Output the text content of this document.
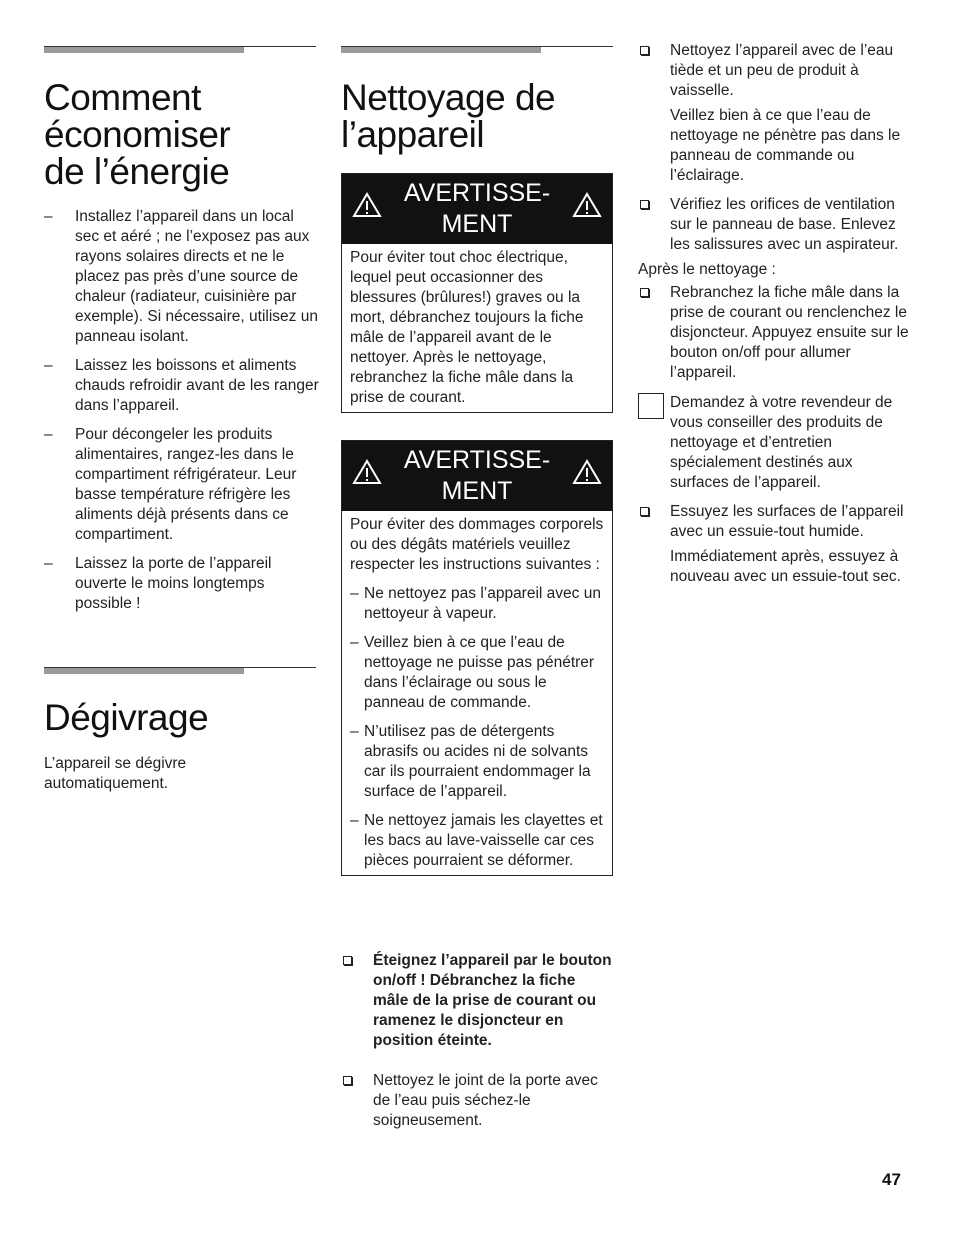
Comment
économiser
de l’énergie
– Installez l’appareil dans un local sec et aéré ; ne l’exposez pas aux rayons solaires directs et ne le placez pas près d’une source de chaleur (radiateur, cuisinière par exemple). Si nécessaire, utilisez un panneau isolant.
– Laissez les boissons et aliments chauds refroidir avant de les ranger dans l’appareil.
– Pour décongeler les produits alimentaires, rangez-les dans le compartiment réfrigérateur. Leur basse température réfrigère les aliments déjà présents dans ce compartiment.
– Laissez la porte de l’appareil ouverte le moins longtemps possible !
Dégivrage
L’appareil se dégivre automatiquement.
Nettoyage de
l’appareil
AVERTISSE-
MENT
Pour éviter tout choc électrique, lequel peut occasionner des blessures (brûlures!) graves ou la mort, débranchez toujours la fiche mâle de l’appareil avant de le nettoyer. Après le nettoyage, rebranchez la fiche mâle dans la prise de courant.
AVERTISSE-
MENT
Pour éviter des dommages corporels ou des dégâts matériels veuillez respecter les instructions suivantes :
– Ne nettoyez pas l’appareil avec un nettoyeur à vapeur.
– Veillez bien à ce que l’eau de nettoyage ne puisse pas pénétrer dans l’éclairage ou sous le panneau de commande.
– N’utilisez pas de détergents abrasifs ou acides ni de solvants car ils pourraient endommager la surface de l’appareil.
– Ne nettoyez jamais les clayettes et les bacs au lave-vaisselle car ces pièces pourraient se déformer.
Éteignez l’appareil par le bouton on/off ! Débranchez la fiche mâle de la prise de courant ou ramenez le disjoncteur en position éteinte.
Nettoyez le joint de la porte avec de l’eau puis séchez-le soigneusement.
Nettoyez l’appareil avec de l’eau tiède et un peu de produit à vaisselle.
Veillez bien à ce que l’eau de nettoyage ne pénètre pas dans le panneau de commande ou l’éclairage.
Vérifiez les orifices de ventilation sur le panneau de base. Enlevez les salissures avec un aspirateur.
Après le nettoyage :
Rebranchez la fiche mâle dans la prise de courant ou renclenchez le disjoncteur. Appuyez ensuite sur le bouton on/off pour allumer l’appareil.
Demandez à votre revendeur de vous conseiller des produits de nettoyage et d’entretien spécialement destinés aux surfaces de l’appareil.
Essuyez les surfaces de l’appareil avec un essuie-tout humide.
Immédiatement après, essuyez à nouveau avec un essuie-tout sec.
47
